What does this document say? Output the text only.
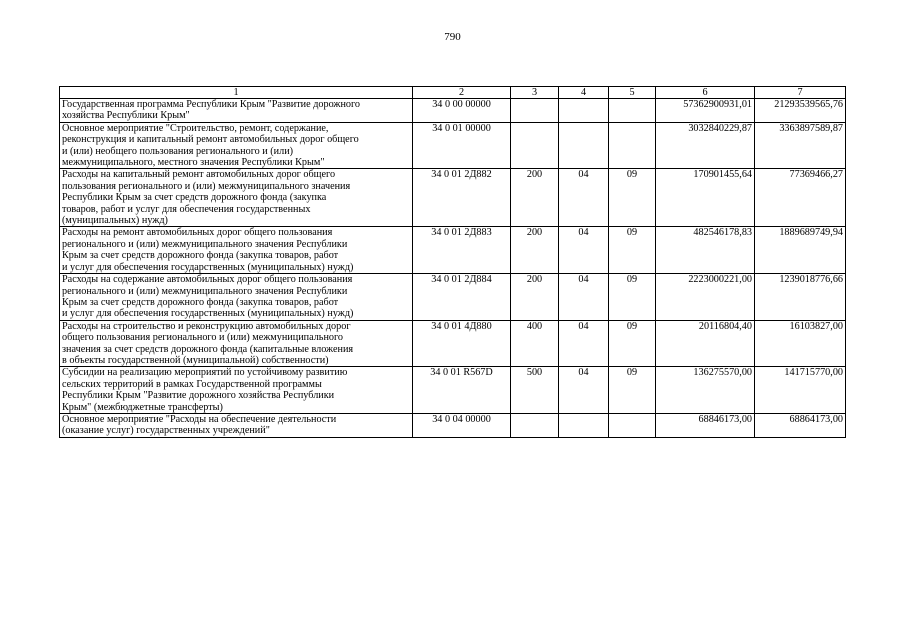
790
1	2	3	4	5	6	7

Государственная программа Республики Крым "Развитие дорожного
хозяйства Республики Крым"	34 0 00 00000				57362900931,01	21293539565,76

Основное мероприятие "Строительство, ремонт, содержание,
реконструкция и капитальный ремонт автомобильных дорог общего
и (или) необщего пользования регионального и (или)
межмуниципального, местного значения Республики Крым"	34 0 01 00000				3032840229,87	3363897589,87

Расходы на капитальный ремонт автомобильных дорог общего
пользования регионального и (или) межмуниципального значения
Республики Крым за счет средств дорожного фонда (закупка
товаров, работ и услуг для обеспечения государственных
(муниципальных) нужд)	34 0 01 2Д882	200	04	09	170901455,64	77369466,27

Расходы на ремонт автомобильных дорог общего пользования
регионального и (или) межмуниципального значения Республики
Крым за счет средств дорожного фонда (закупка товаров, работ
и услуг для обеспечения государственных (муниципальных) нужд)	34 0 01 2Д883	200	04	09	482546178,83	1889689749,94

Расходы на содержание автомобильных дорог общего пользования
регионального и (или) межмуниципального значения Республики
Крым за счет средств дорожного фонда (закупка товаров, работ
и услуг для обеспечения государственных (муниципальных) нужд)	34 0 01 2Д884	200	04	09	2223000221,00	1239018776,66

Расходы на строительство и реконструкцию автомобильных дорог
общего пользования регионального и (или) межмуниципального
значения за счет средств дорожного фонда (капитальные вложения
в объекты государственной (муниципальной) собственности)	34 0 01 4Д880	400	04	09	20116804,40	16103827,00

Субсидии на реализацию мероприятий по устойчивому развитию
сельских территорий в рамках Государственной программы
Республики Крым "Развитие дорожного хозяйства Республики
Крым" (межбюджетные трансферты)	34 0 01 R567D	500	04	09	136275570,00	141715770,00

Основное мероприятие "Расходы на обеспечение деятельности
(оказание услуг) государственных учреждений"	34 0 04 00000				68846173,00	68864173,00
